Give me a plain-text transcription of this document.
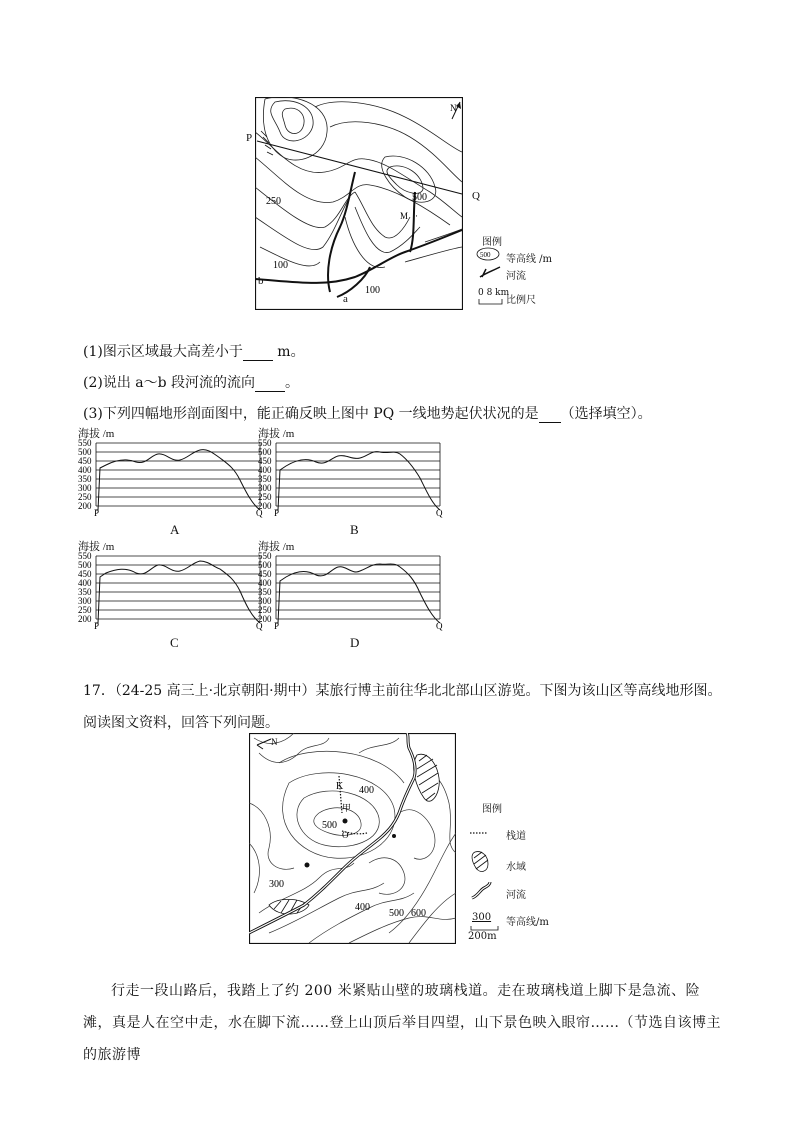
N
250	500
M ·
100
100
P
Q
b
a
图例
500 等高线 /m
河流
0 8 km
比例尺
(1)图示区域最大高差小于  m。
(2)说出 a～b 段河流的流向 。
(3)下列四幅地形剖面图中，能正确反映上图中 PQ 一线地势起伏状况的是 （选择填空）。
海拔 /m
550
500
450
400
350
300
250
200
P	Q
A
海拔 /m
550
500
450
400
350
300
250
200
P	Q
B
海拔 /m
550
500
450
400
350
300
250
200
P	Q
C
海拔 /m
550
500
450
400
350
300
250
200
P	Q
D
17．（24-25 高三上·北京朝阳·期中）某旅行博主前往华北北部山区游览。下图为该山区等高线地形图。
阅读图文资料，回答下列问题。
N
K 400
甲
500
O
300
400
500 600
图例
栈道
水域
河流
300 等高线/m
200m
行走一段山路后，我踏上了约 200 米紧贴山壁的玻璃栈道。走在玻璃栈道上脚下是急流、险滩，真是人在空中走，水在脚下流……登上山顶后举目四望，山下景色映入眼帘……（节选自该博主的旅游博
